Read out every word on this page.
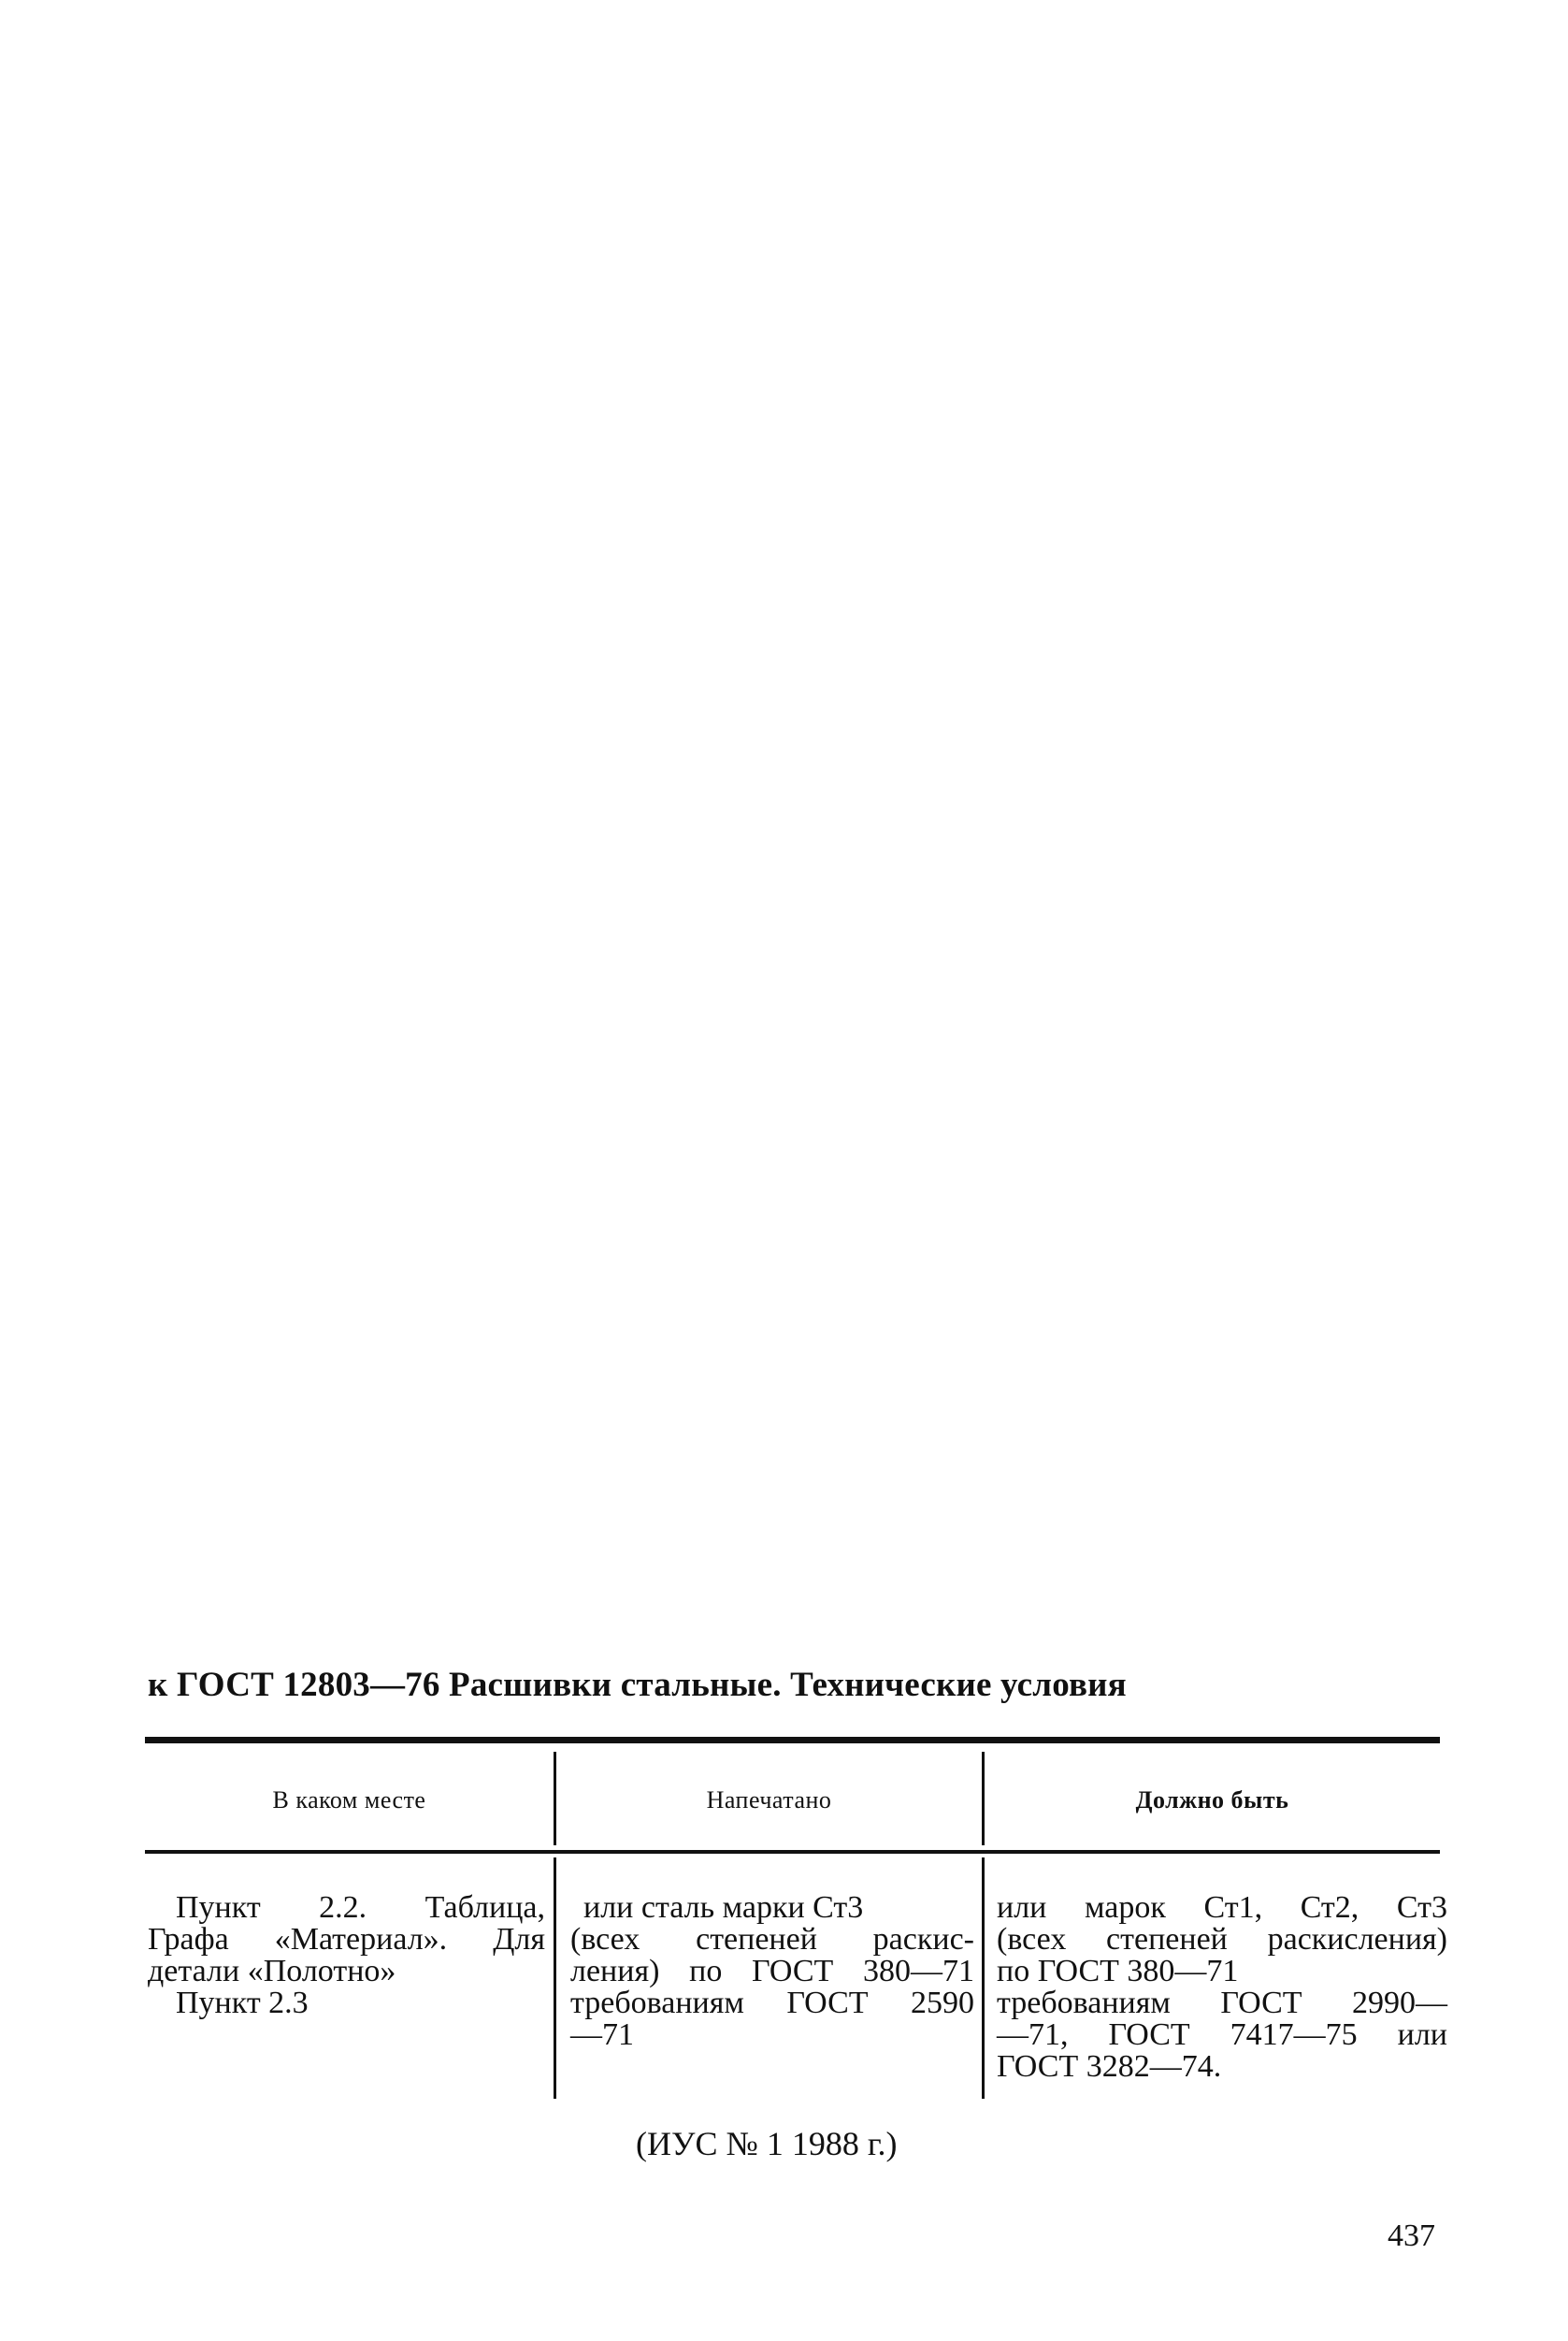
к ГОСТ 12803—76 Расшивки стальные. Технические условия
В каком месте	Напечатано	Должно быть
Пункт 2.2. Таблица,
Графа «Материал». Для
детали «Полотно»
Пункт 2.3
или сталь марки Ст3
(всех степеней раскис-
ления) по ГОСТ 380—71
требованиям ГОСТ 2590
—71
или марок Ст1, Ст2, Ст3
(всех степеней раскисления)
по ГОСТ 380—71
требованиям ГОСТ 2990—
—71, ГОСТ 7417—75 или
ГОСТ 3282—74.
(ИУС № 1 1988 г.)
437
